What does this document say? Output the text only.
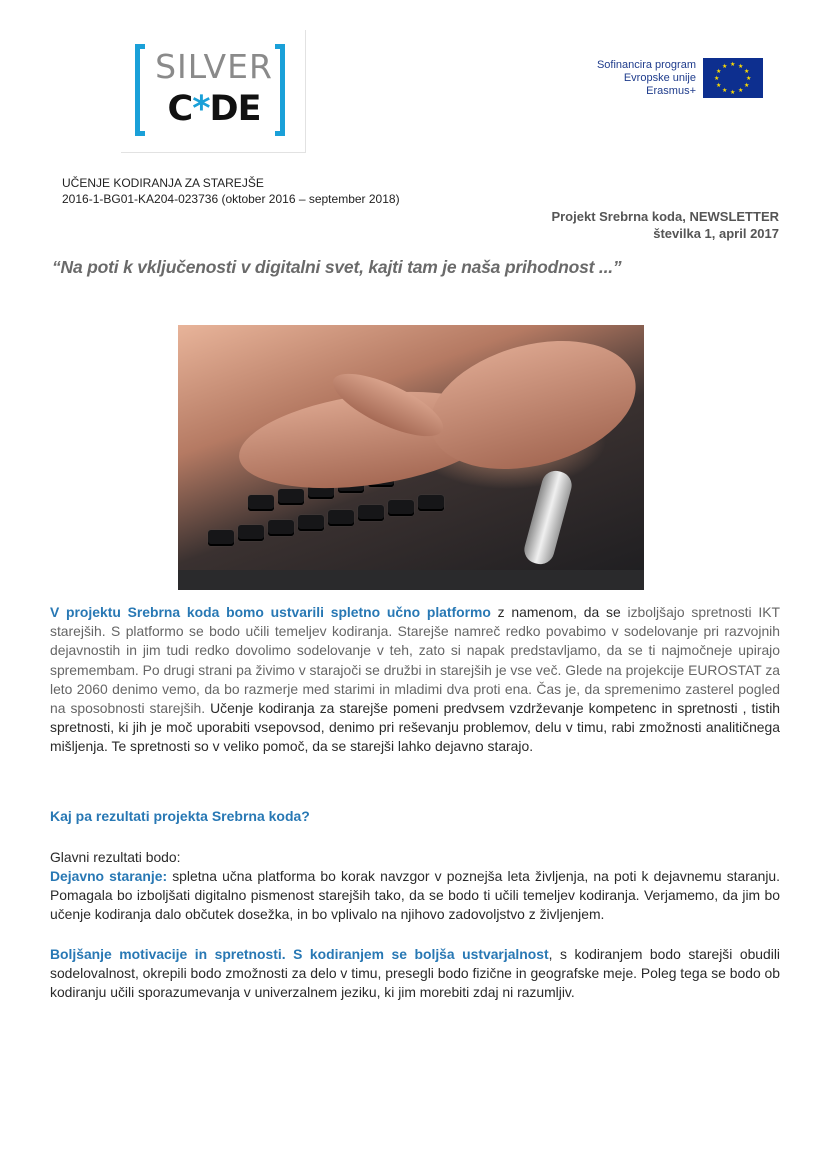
SILVER
C*DE
Sofinancira program
Evropske unije
Erasmus+
★ ★
★
★
★
★
★
★
★
★
★
★
UČENJE KODIRANJA ZA STAREJŠE
2016-1-BG01-KA204-023736 (oktober 2016 – september 2018)
Projekt Srebrna koda, NEWSLETTER
številka 1, april 2017
“Na poti k vključenosti v digitalni svet, kajti tam je naša prihodnost ...”
V projektu Srebrna koda bomo ustvarili spletno učno platformo z namenom, da se izboljšajo spretnosti IKT starejših. S platformo se bodo učili temeljev kodiranja. Starejše namreč redko povabimo v sodelovanje pri razvojnih dejavnostih in jim tudi redko dovolimo sodelovanje v teh, zato si napak predstavljamo, da se ti najmočneje upirajo spremembam. Po drugi strani pa živimo v starajoči se družbi in starejših je vse več. Glede na projekcije EUROSTAT za leto 2060 denimo vemo, da bo razmerje med starimi in mladimi dva proti ena. Čas je, da spremenimo zasterel pogled na sposobnosti starejših. Učenje kodiranja za starejše pomeni predvsem vzdrževanje kompetenc in spretnosti , tistih spretnosti, ki jih je moč uporabiti vsepovsod, denimo pri reševanju problemov, delu v timu, rabi zmožnosti analitičnega mišljenja. Te spretnosti so v veliko pomoč, da se starejši lahko dejavno starajo.
Kaj pa rezultati projekta Srebrna koda?
Glavni rezultati bodo:
Dejavno staranje: spletna učna platforma bo korak navzgor v poznejša leta življenja, na poti k dejavnemu staranju. Pomagala bo izboljšati digitalno pismenost starejših tako, da se bodo ti učili temeljev kodiranja. Verjamemo, da jim bo učenje kodiranja dalo občutek dosežka, in bo vplivalo na njihovo zadovoljstvo z življenjem.
Boljšanje motivacije in spretnosti. S kodiranjem se boljša ustvarjalnost, s kodiranjem bodo starejši obudili sodelovalnost, okrepili bodo zmožnosti za delo v timu, presegli bodo fizične in geografske meje. Poleg tega se bodo ob kodiranju učili sporazumevanja v univerzalnem jeziku, ki jim morebiti zdaj ni razumljiv.
